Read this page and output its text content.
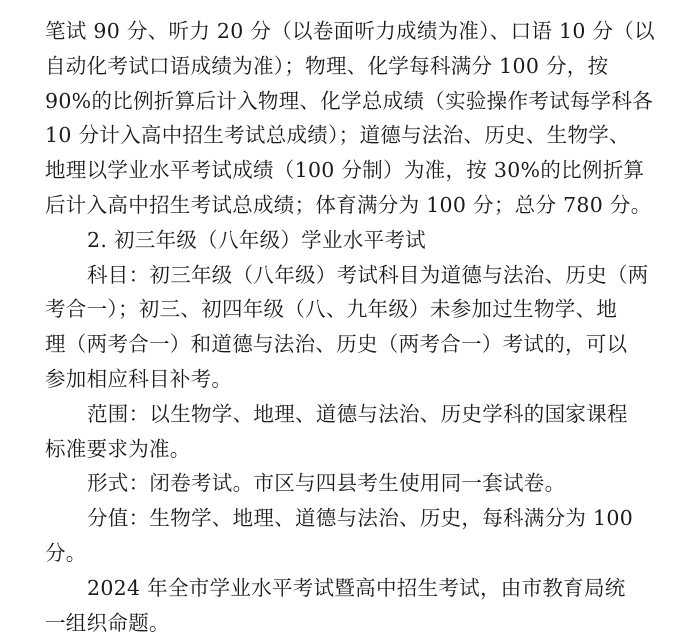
笔试 90 分、听力 20 分（以卷面听力成绩为准）、口语 10 分（以
自动化考试口语成绩为准）；物理、化学每科满分 100 分，按
90%的比例折算后计入物理、化学总成绩（实验操作考试每学科各
10 分计入高中招生考试总成绩）；道德与法治、历史、生物学、
地理以学业水平考试成绩（100 分制）为准，按 30%的比例折算
后计入高中招生考试总成绩；体育满分为 100 分；总分 780 分。
2. 初三年级（八年级）学业水平考试
科目：初三年级（八年级）考试科目为道德与法治、历史（两
考合一）；初三、初四年级（八、九年级）未参加过生物学、地
理（两考合一）和道德与法治、历史（两考合一）考试的，可以
参加相应科目补考。
范围：以生物学、地理、道德与法治、历史学科的国家课程
标准要求为准。
形式：闭卷考试。市区与四县考生使用同一套试卷。
分值：生物学、地理、道德与法治、历史，每科满分为 100
分。
2024 年全市学业水平考试暨高中招生考试，由市教育局统
一组织命题。
